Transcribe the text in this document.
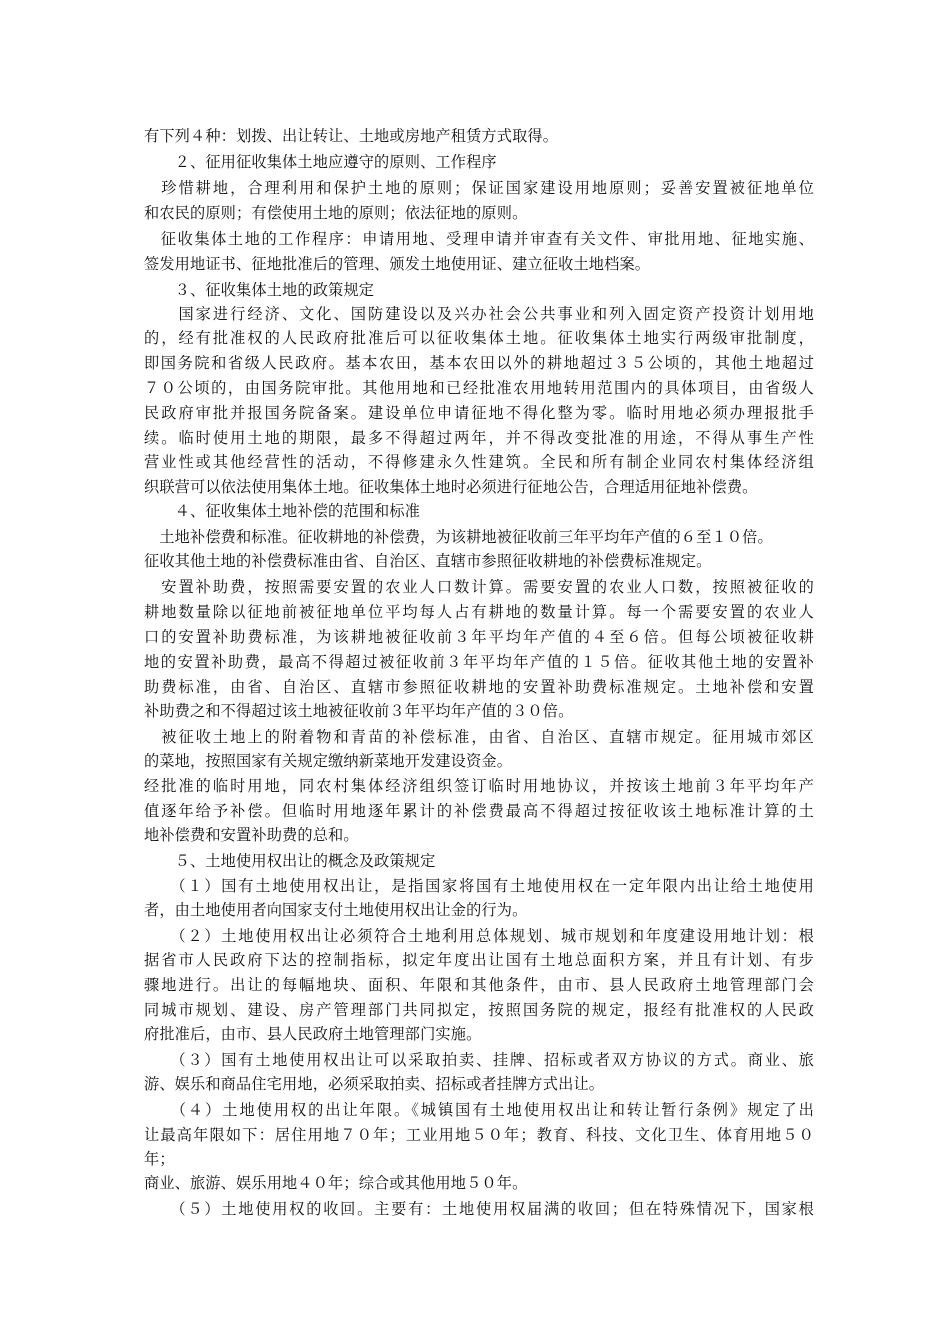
有下列４种：划拨、出让转让、土地或房地产租赁方式取得。
　　２、征用征收集体土地应遵守的原则、工作程序
　珍惜耕地，合理利用和保护土地的原则；保证国家建设用地原则；妥善安置被征地单位
和农民的原则；有偿使用土地的原则；依法征地的原则。
　征收集体土地的工作程序：申请用地、受理申请并审查有关文件、审批用地、征地实施、
签发用地证书、征地批准后的管理、颁发土地使用证、建立征收土地档案。
　　３、征收集体土地的政策规定
　　国家进行经济、文化、国防建设以及兴办社会公共事业和列入固定资产投资计划用地
的，经有批准权的人民政府批准后可以征收集体土地。征收集体土地实行两级审批制度，
即国务院和省级人民政府。基本农田，基本农田以外的耕地超过３５公顷的，其他土地超过
７０公顷的，由国务院审批。其他用地和已经批准农用地转用范围内的具体项目，由省级人
民政府审批并报国务院备案。建设单位申请征地不得化整为零。临时用地必须办理报批手
续。临时使用土地的期限，最多不得超过两年，并不得改变批准的用途，不得从事生产性
营业性或其他经营性的活动，不得修建永久性建筑。全民和所有制企业同农村集体经济组
织联营可以依法使用集体土地。征收集体土地时必须进行征地公告，合理适用征地补偿费。
　　４、征收集体土地补偿的范围和标准
　土地补偿费和标准。征收耕地的补偿费，为该耕地被征收前三年平均年产值的６至１０倍。
征收其他土地的补偿费标准由省、自治区、直辖市参照征收耕地的补偿费标准规定。
　安置补助费，按照需要安置的农业人口数计算。需要安置的农业人口数，按照被征收的
耕地数量除以征地前被征地单位平均每人占有耕地的数量计算。每一个需要安置的农业人
口的安置补助费标准，为该耕地被征收前３年平均年产值的４至６倍。但每公顷被征收耕
地的安置补助费，最高不得超过被征收前３年平均年产值的１５倍。征收其他土地的安置补
助费标准，由省、自治区、直辖市参照征收耕地的安置补助费标准规定。土地补偿和安置
补助费之和不得超过该土地被征收前３年平均年产值的３０倍。
　被征收土地上的附着物和青苗的补偿标准，由省、自治区、直辖市规定。征用城市郊区
的菜地，按照国家有关规定缴纳新菜地开发建设资金。
经批准的临时用地，同农村集体经济组织签订临时用地协议，并按该土地前３年平均年产
值逐年给予补偿。但临时用地逐年累计的补偿费最高不得超过按征收该土地标准计算的土
地补偿费和安置补助费的总和。
　　５、土地使用权出让的概念及政策规定
　　（１）国有土地使用权出让，是指国家将国有土地使用权在一定年限内出让给土地使用
者，由土地使用者向国家支付土地使用权出让金的行为。
　　（２）土地使用权出让必须符合土地利用总体规划、城市规划和年度建设用地计划：根
据省市人民政府下达的控制指标，拟定年度出让国有土地总面积方案，并且有计划、有步
骤地进行。出让的每幅地块、面积、年限和其他条件，由市、县人民政府土地管理部门会
同城市规划、建设、房产管理部门共同拟定，按照国务院的规定，报经有批准权的人民政
府批准后，由市、县人民政府土地管理部门实施。
　　（３）国有土地使用权出让可以采取拍卖、挂牌、招标或者双方协议的方式。商业、旅
游、娱乐和商品住宅用地，必须采取拍卖、招标或者挂牌方式出让。
　　（４）土地使用权的出让年限。《城镇国有土地使用权出让和转让暂行条例》规定了出
让最高年限如下：居住用地７０年；工业用地５０年；教育、科技、文化卫生、体育用地５０
年；
商业、旅游、娱乐用地４０年；综合或其他用地５０年。
　　（５）土地使用权的收回。主要有：土地使用权届满的收回；但在特殊情况下，国家根
